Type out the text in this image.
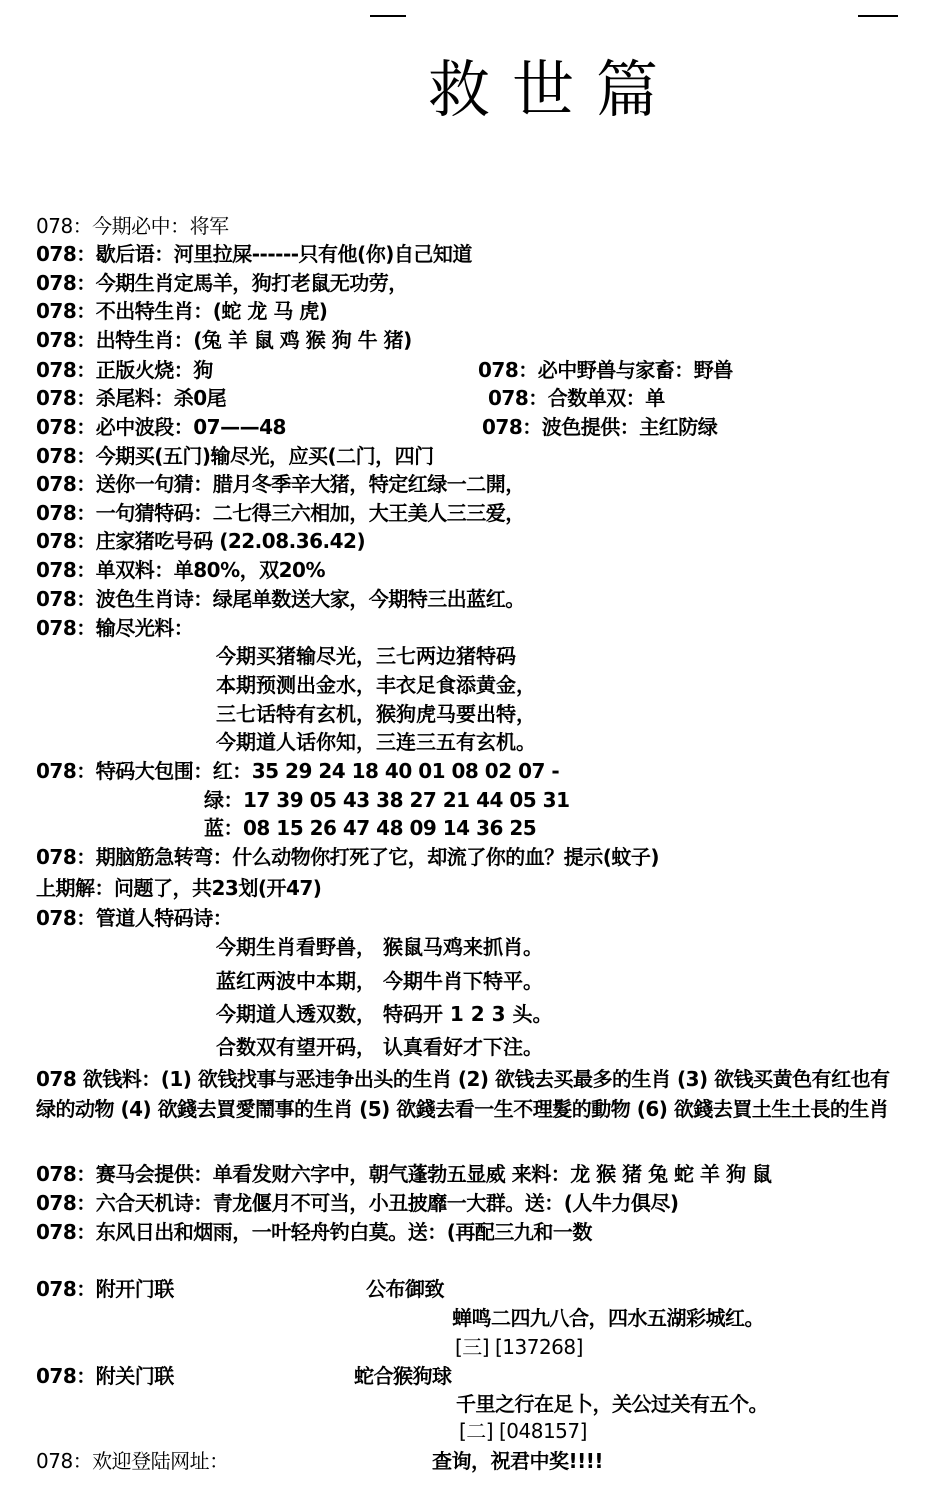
救世篇
078：今期必中：将军
078：歇后语：河里拉屎------只有他(你)自己知道
078：今期生肖定馬羊，狗打老鼠无功劳，
078：不出特生肖：(蛇 龙 马 虎)
078：出特生肖：(兔 羊 鼠 鸡 猴 狗 牛 猪)
078：正版火烧：狗	078：必中野兽与家畜：野兽
078：杀尾料：杀0尾	078：合数单双：单
078：必中波段：07——48	078：波色提供：主红防绿
078：今期买(五门)输尽光，应买(二门，四门
078：送你一句猜：腊月冬季辛大猪，特定红绿一二開，
078：一句猜特码：二七得三六相加，大王美人三三爱，
078：庄家猪吃号码 (22.08.36.42)
078：单双料：单80%，双20%
078：波色生肖诗：绿尾单数送大家，今期特三出蓝红。
078：输尽光料：
今期买猪输尽光，三七两边猪特码
本期预测出金水，丰衣足食添黄金，
三七话特有玄机，猴狗虎马要出特，
今期道人话你知，三连三五有玄机。
078：特码大包围：红：35 29 24 18 40 01 08 02 07 -
绿：17 39 05 43 38 27 21 44 05 31
蓝：08 15 26 47 48 09 14 36 25
078：期脑筋急转弯：什么动物你打死了它，却流了你的血？提示(蚊子)
上期解：问题了，共23划(开47)
078：管道人特码诗：
今期生肖看野兽， 猴鼠马鸡来抓肖。
蓝红两波中本期， 今期牛肖下特平。
今期道人透双数， 特码开 1 2 3 头。
合数双有望开码， 认真看好才下注。
078 欲钱料：(1) 欲钱找事与恶违争出头的生肖 (2) 欲钱去买最多的生肖 (3) 欲钱买黄色有红也有绿的动物 (4) 欲錢去買愛鬧事的生肖 (5) 欲錢去看一生不理髮的動物 (6) 欲錢去買土生土長的生肖
078：赛马会提供：单看发财六字中，朝气蓬勃五显威 来料：龙 猴 猪 兔 蛇 羊 狗 鼠
078：六合天机诗：青龙偃月不可当，小丑披靡一大群。送：(人牛力俱尽)
078：东风日出和烟雨，一叶轻舟钓白莫。送：(再配三九和一数
078：附开门联	公布御致
蝉鸣二四九八合，四水五湖彩城红。
[三] [137268]
078：附关门联	蛇合猴狗球
千里之行在足卜，关公过关有五个。
[二] [048157]
078：欢迎登陆网址：	查询，祝君中奖!!!!
